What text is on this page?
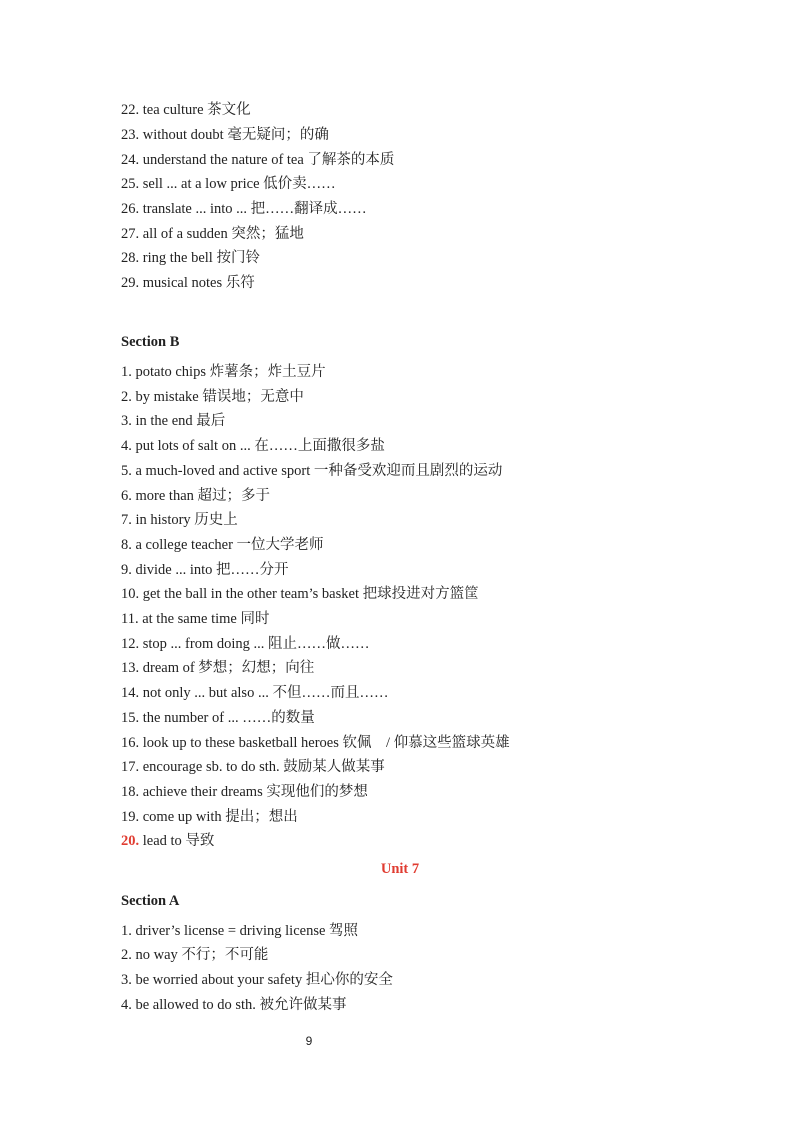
22. tea culture 茶文化
23. without doubt 毫无疑问；的确
24. understand the nature of tea 了解茶的本质
25. sell ... at a low price 低价卖……
26. translate ... into ... 把……翻译成……
27. all of a sudden 突然；猛地
28. ring the bell 按门铃
29. musical notes 乐符
Section B
1. potato chips 炸薯条；炸土豆片
2. by mistake 错误地；无意中
3. in the end 最后
4. put lots of salt on ... 在……上面撒很多盐
5. a much-loved and active sport 一种备受欢迎而且剧烈的运动
6. more than 超过；多于
7. in history 历史上
8. a college teacher 一位大学老师
9. divide ... into 把……分开
10. get the ball in the other team’s basket 把球投进对方篮筐
11. at the same time 同时
12. stop ... from doing ... 阻止……做……
13. dream of 梦想；幻想；向往
14. not only ... but also ... 不但……而且……
15. the number of ... ……的数量
16. look up to these basketball heroes 钦佩　/ 仰慕这些篮球英雄
17. encourage sb. to do sth. 鼓励某人做某事
18. achieve their dreams 实现他们的梦想
19. come up with 提出；想出
20. lead to 导致
Unit 7
Section A
1. driver’s license = driving license 驾照
2. no way 不行；不可能
3. be worried about your safety 担心你的安全
4. be allowed to do sth. 被允许做某事
9
